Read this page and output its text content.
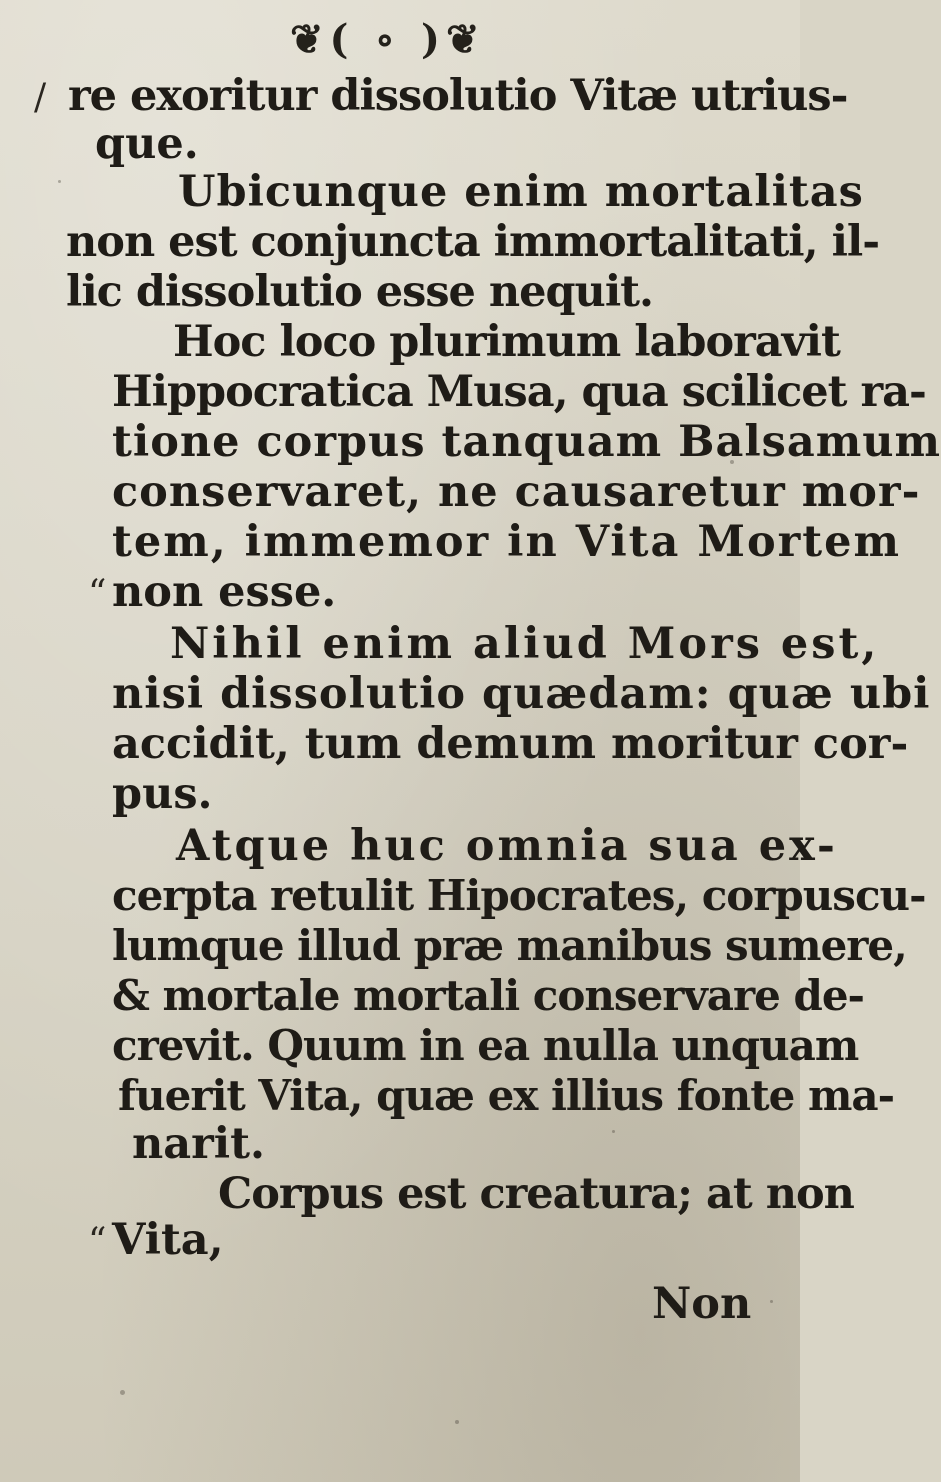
❦( ∘ )❦
/ re exoritur dissolutio Vitæ utrius-
que.
Ubicunque enim mortalitas
non est conjuncta immortalitati, il-
lic dissolutio esse nequit.
Hoc loco plurimum laboravit
Hippocratica Musa, qua scilicet ra-
tione corpus tanquam Balsamum
conservaret, ne causaretur mor-
tem, immemor in Vita Mortem
“ non esse.
Nihil enim aliud Mors est,
nisi dissolutio quædam: quæ ubi
accidit, tum demum moritur cor-
pus.
Atque huc omnia sua ex-
cerpta retulit Hipocrates, corpuscu-
lumque illud præ manibus sumere,
& mortale mortali conservare de-
crevit. Quum in ea nulla unquam
fuerit Vita, quæ ex illius fonte ma-
narit.
Corpus est creatura; at non
“ Vita,
Non
